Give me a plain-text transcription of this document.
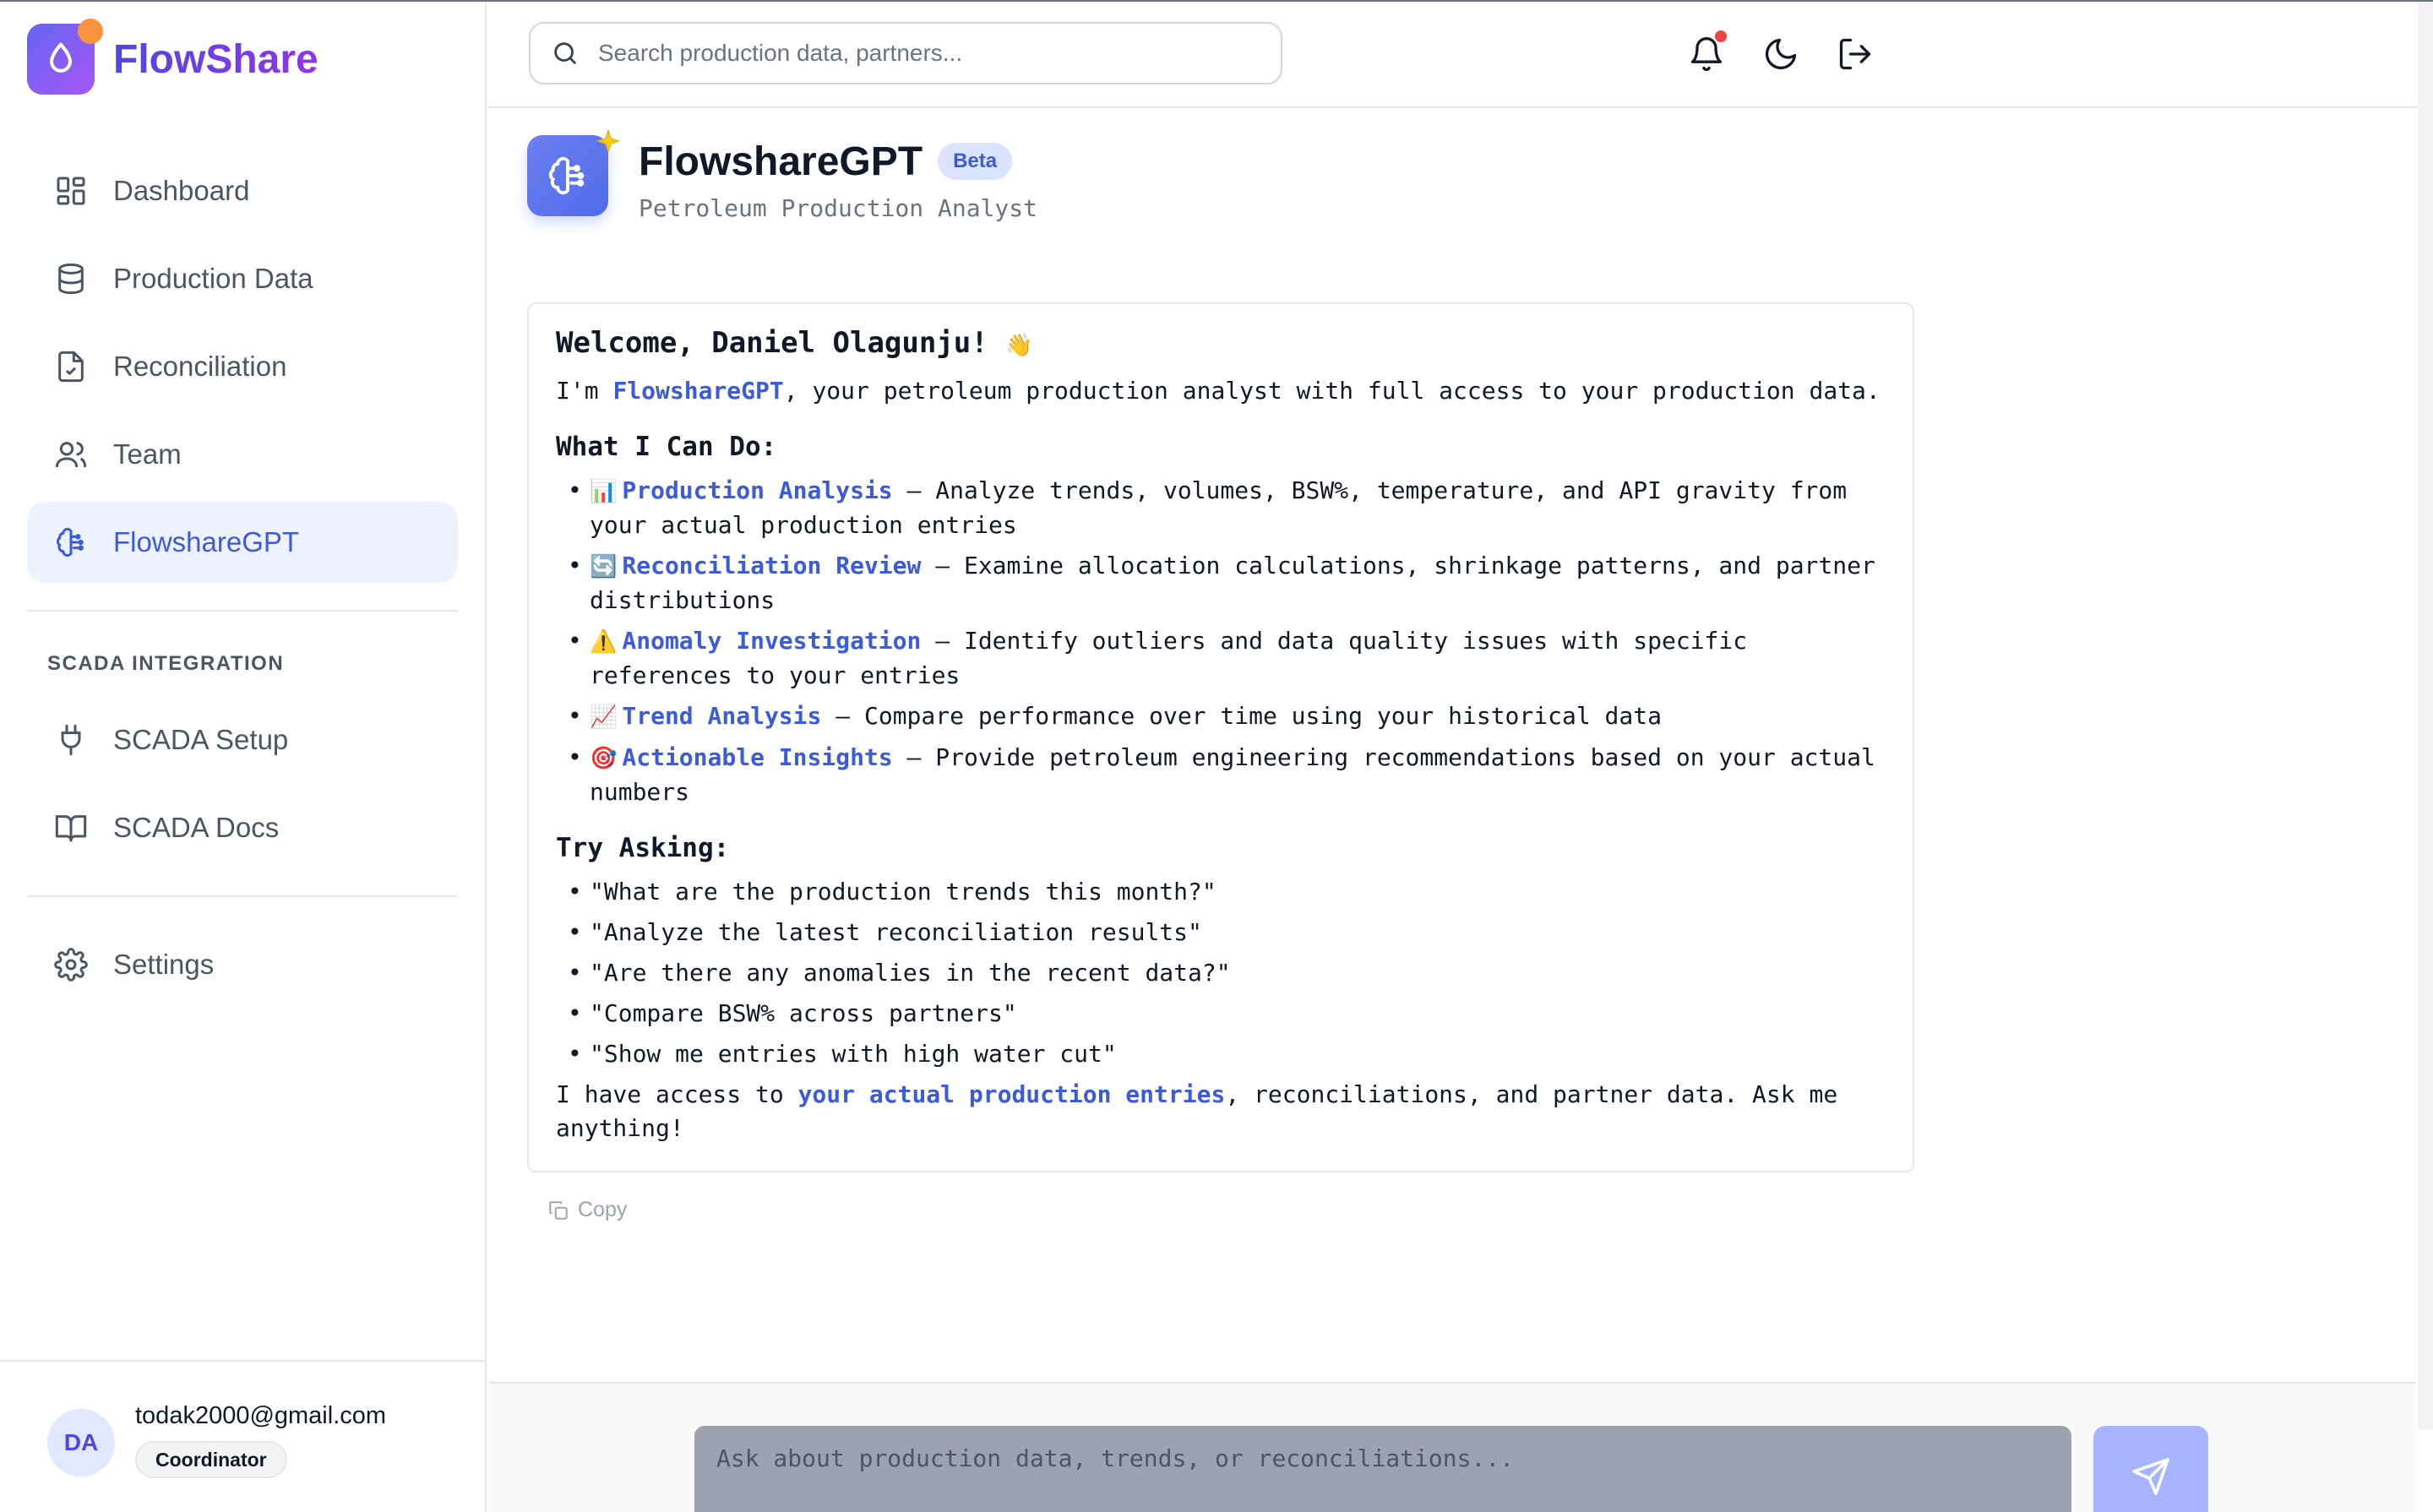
FlowShare
Dashboard
Production Data
Reconciliation
Team
FlowshareGPT
SCADA INTEGRATION
SCADA Setup
SCADA Docs
Settings
DA
todak2000@gmail.com
Coordinator
Search production data, partners...
FlowshareGPT	Beta
Petroleum Production Analyst
Welcome, Daniel Olagunju! 👋

I'm FlowshareGPT, your petroleum production analyst with full access to your production data.

What I Can Do:
• 📊 Production Analysis – Analyze trends, volumes, BSW%, temperature, and API gravity from your actual production entries
• 🔄 Reconciliation Review – Examine allocation calculations, shrinkage patterns, and partner distributions
• ⚠️ Anomaly Investigation – Identify outliers and data quality issues with specific references to your entries
• 📈 Trend Analysis – Compare performance over time using your historical data
• 🎯 Actionable Insights – Provide petroleum engineering recommendations based on your actual numbers
Try Asking:
• "What are the production trends this month?"
• "Analyze the latest reconciliation results"
• "Are there any anomalies in the recent data?"
• "Compare BSW% across partners"
• "Show me entries with high water cut"

I have access to your actual production entries, reconciliations, and partner data. Ask me anything!

Copy
Ask about production data, trends, or reconciliations...
